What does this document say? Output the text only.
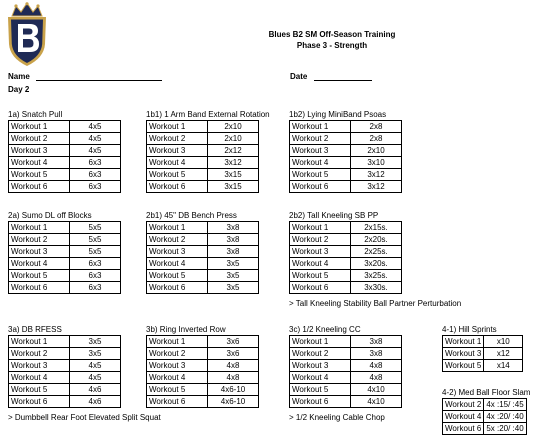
Blues B2 SM Off-Season Training
Phase 3 - Strength
Name	Date
Day 2
1a) Snatch Pull
Workout 1	4x5
Workout 2	4x5
Workout 3	4x5
Workout 4	6x3
Workout 5	6x3
Workout 6	6x3
1b1) 1 Arm Band External Rotation
Workout 1	2x10
Workout 2	2x10
Workout 3	2x12
Workout 4	3x12
Workout 5	3x15
Workout 6	3x15
1b2) Lying MiniBand Psoas
Workout 1	2x8
Workout 2	2x8
Workout 3	2x10
Workout 4	3x10
Workout 5	3x12
Workout 6	3x12
2a) Sumo DL off Blocks
Workout 1	5x5
Workout 2	5x5
Workout 3	5x5
Workout 4	6x3
Workout 5	6x3
Workout 6	6x3
2b1) 45" DB Bench Press
Workout 1	3x8
Workout 2	3x8
Workout 3	3x8
Workout 4	3x5
Workout 5	3x5
Workout 6	3x5
2b2) Tall Kneeling SB PP
Workout 1	2x15s.
Workout 2	2x20s.
Workout 3	2x25s.
Workout 4	3x20s.
Workout 5	3x25s.
Workout 6	3x30s.
> Tall Kneeling Stability Ball Partner Perturbation
3a) DB RFESS
Workout 1	3x5
Workout 2	3x5
Workout 3	4x5
Workout 4	4x5
Workout 5	4x6
Workout 6	4x6
3b) Ring Inverted Row
Workout 1	3x6
Workout 2	3x6
Workout 3	4x8
Workout 4	4x8
Workout 5	4x6-10
Workout 6	4x6-10
3c) 1/2 Kneeling CC
Workout 1	3x8
Workout 2	3x8
Workout 3	4x8
Workout 4	4x8
Workout 5	4x10
Workout 6	4x10
4-1) Hill Sprints
Workout 1	x10
Workout 3	x12
Workout 5	x14
4-2) Med Ball Floor Slam
Workout 2	4x :15/ :45
Workout 4	4x :20/ :40
Workout 6	5x :20/ :40
> Dumbbell Rear Foot Elevated Split Squat	> 1/2 Kneeling Cable Chop
